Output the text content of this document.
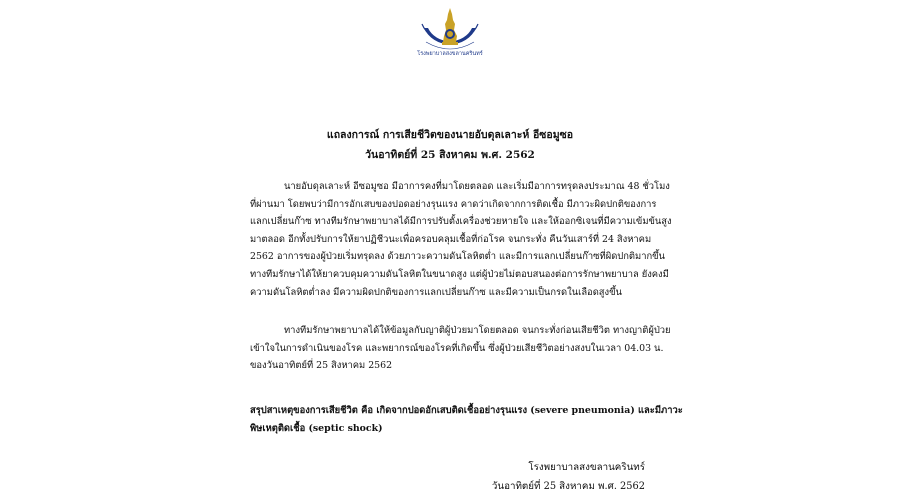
โรงพยาบาลสงขลานครินทร์
แถลงการณ์ การเสียชีวิตของนายอับดุลเลาะห์ อีซอมูซอ
วันอาทิตย์ที่ 25 สิงหาคม พ.ศ. 2562
นายอับดุลเลาะห์ อีซอมูซอ มีอาการคงที่มาโดยตลอด และเริ่มมีอาการทรุดลงประมาณ 48 ชั่วโมง
ที่ผ่านมา โดยพบว่ามีการอักเสบของปอดอย่างรุนแรง คาดว่าเกิดจากการติดเชื้อ มีภาวะผิดปกติของการ
แลกเปลี่ยนก๊าซ ทางทีมรักษาพยาบาลได้มีการปรับตั้งเครื่องช่วยหายใจ และให้ออกซิเจนที่มีความเข้มข้นสูง
มาตลอด อีกทั้งปรับการให้ยาปฏิชีวนะเพื่อครอบคลุมเชื้อที่ก่อโรค จนกระทั่ง คืนวันเสาร์ที่ 24 สิงหาคม
2562 อาการของผู้ป่วยเริ่มทรุดลง ด้วยภาวะความดันโลหิตต่ำ และมีการแลกเปลี่ยนก๊าซที่ผิดปกติมากขึ้น
ทางทีมรักษาได้ให้ยาควบคุมความดันโลหิตในขนาดสูง แต่ผู้ป่วยไม่ตอบสนองต่อการรักษาพยาบาล ยังคงมี
ความดันโลหิตต่ำลง มีความผิดปกติของการแลกเปลี่ยนก๊าซ และมีความเป็นกรดในเลือดสูงขึ้น
ทางทีมรักษาพยาบาลได้ให้ข้อมูลกับญาติผู้ป่วยมาโดยตลอด จนกระทั่งก่อนเสียชีวิต ทางญาติผู้ป่วย
เข้าใจในการดำเนินของโรค และพยากรณ์ของโรคที่เกิดขึ้น ซึ่งผู้ป่วยเสียชีวิตอย่างสงบในเวลา 04.03 น.
ของวันอาทิตย์ที่ 25 สิงหาคม 2562
สรุปสาเหตุของการเสียชีวิต คือ เกิดจากปอดอักเสบติดเชื้ออย่างรุนแรง (severe pneumonia) และมีภาวะ
พิษเหตุติดเชื้อ (septic shock)
โรงพยาบาลสงขลานครินทร์
วันอาทิตย์ที่ 25 สิงหาคม พ.ศ. 2562
